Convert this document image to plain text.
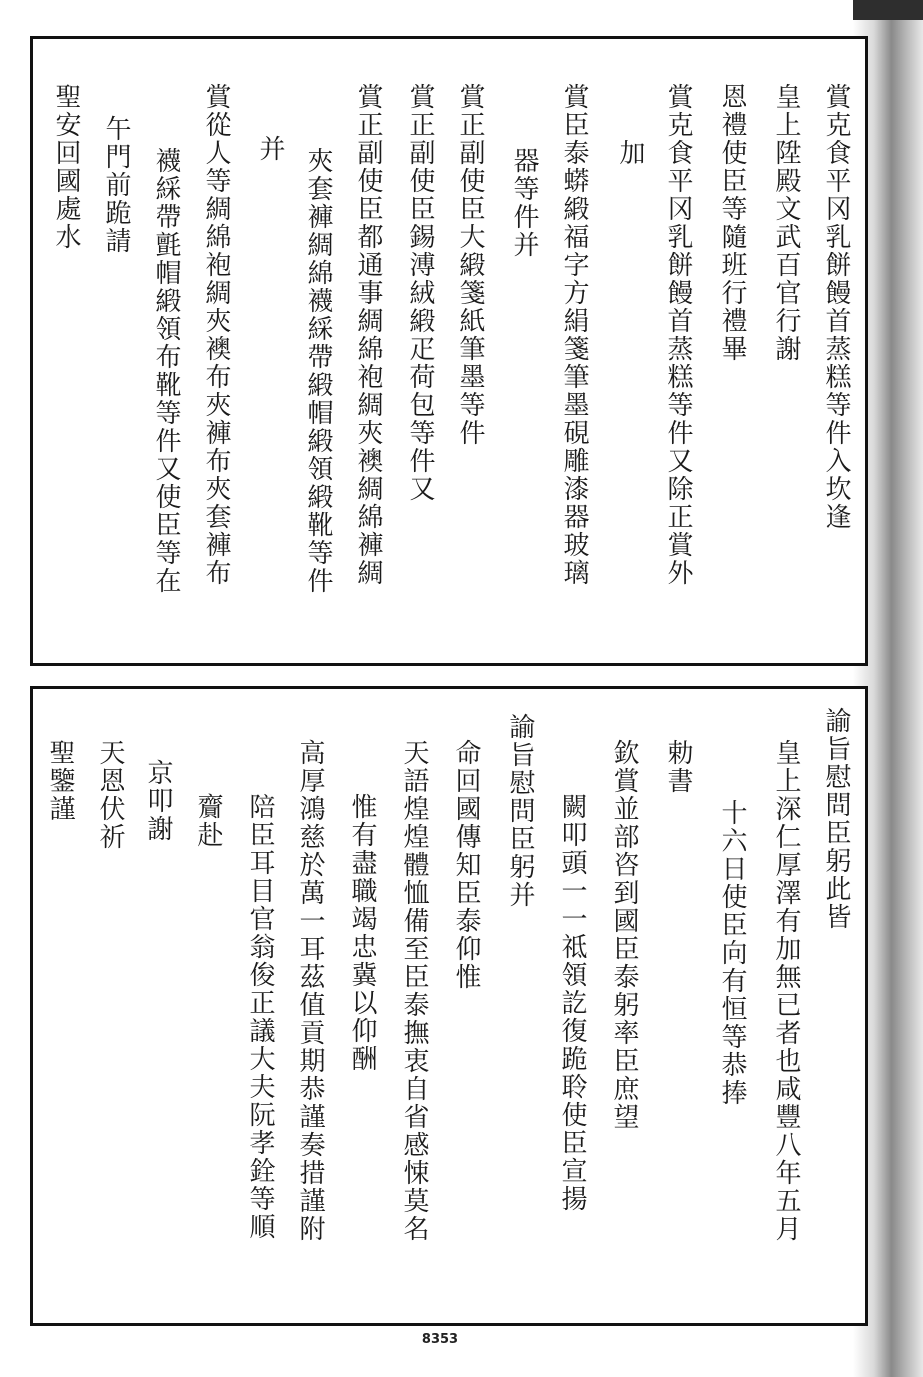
賞克食平冈乳餅饅首蒸糕等件入坎逢
皇上陞殿文武百官行謝
恩禮使臣等隨班行禮畢
賞克食平冈乳餅饅首蒸糕等件又除正賞外
加
賞臣泰蟒緞福字方絹箋筆墨硯雕漆器玻璃
器等件并
賞正副使臣大緞箋紙筆墨等件
賞正副使臣錫溥絨緞疋荷包等件又
賞正副使臣都通事綢綿袍綢夾襖綢綿褲綢
夾套褲綢綿襪綵帶緞帽緞領緞靴等件
并
賞從人等綢綿袍綢夾襖布夾褲布夾套褲布
襪綵帶氈帽緞領布靴等件又使臣等在
午門前跪請
聖安回國處水
諭旨慰問臣躬此皆
皇上深仁厚澤有加無已者也咸豐八年五月
十六日使臣向有恒等恭捧
勅書
欽賞並部咨到國臣泰躬率臣庶望
闕叩頭一一祗領訖復跪聆使臣宣揚
諭旨慰問臣躬并
命回國傳知臣泰仰惟
天語煌煌體恤備至臣泰撫衷自省感悚莫名
惟有盡職竭忠冀以仰酬
高厚鴻慈於萬一耳茲值貢期恭謹奏措謹附
陪臣耳目官翁俊正議大夫阮孝銓等順
齎赴
京叩謝
天恩伏祈
聖鑒謹
8353
